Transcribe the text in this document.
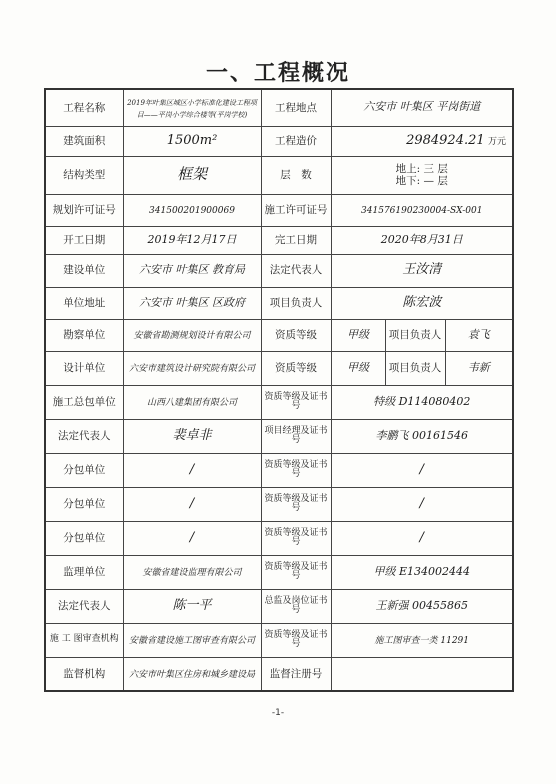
一、工程概况
工程名称	2019年叶集区城区小学标准化建设工程项目——平岗小学综合楼等(平岗学校)	工程地点	六安市 叶集区 平岗街道		
建筑面积	1500m²	工程造价	2984924.21 万元		
结构类型	框架	层　数	地上: 三 层
地下: — 层		

规划许可证号	341500201900069	施工许可证号	341576190230004-SX-001		
开工日期	2019年12月17日	完工日期	2020年8月31日		
建设单位	六安市 叶集区 教育局	法定代表人	王汝清		
单位地址	六安市 叶集区 区政府	项目负责人	陈宏波		
勘察单位	安徽省勘测规划设计有限公司	资质等级	甲级	项目负责人	袁飞
设计单位	六安市建筑设计研究院有限公司	资质等级	甲级	项目负责人	韦新
施工总包单位	山西八建集团有限公司	资质等级及证书号	特级 D114080402		
法定代表人	裴卓非	项目经理及证书号	李鹏飞 00161546		
分包单位	/	资质等级及证书号	/		
分包单位	/	资质等级及证书号	/		
分包单位	/	资质等级及证书号	/		
监理单位	安徽省建设监理有限公司	资质等级及证书号	甲级 E134002444		
法定代表人	陈一平	总监及岗位证书号	王新强 00455865		
施 工 图审查机构	安徽省建设施工图审查有限公司	资质等级及证书号	施工图审查一类 11291		
监督机构	六安市叶集区住房和城乡建设局	监督注册号			
-1-
